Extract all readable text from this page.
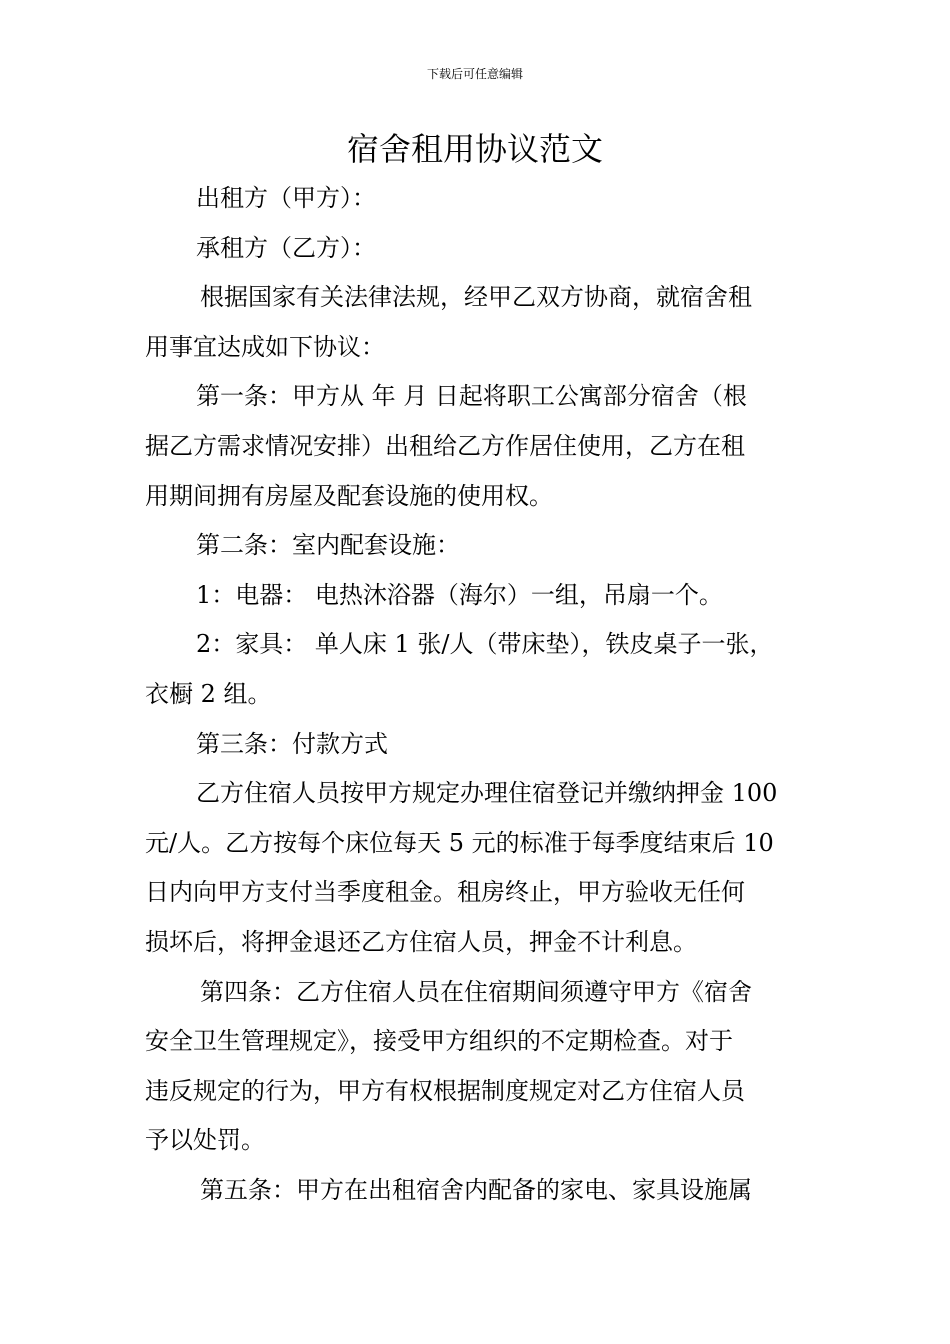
下载后可任意编辑
宿舍租用协议范文
出租方（甲方）：
承租方（乙方）：
根据国家有关法律法规，经甲乙双方协商，就宿舍租
用事宜达成如下协议：
第一条：甲方从 年 月 日起将职工公寓部分宿舍（根
据乙方需求情况安排）出租给乙方作居住使用，乙方在租
用期间拥有房屋及配套设施的使用权。
第二条：室内配套设施：
1：电器： 电热沐浴器（海尔）一组，吊扇一个。
2：家具： 单人床 1 张/人（带床垫），铁皮桌子一张，
衣橱 2 组。
第三条：付款方式
乙方住宿人员按甲方规定办理住宿登记并缴纳押金 100
元/人。乙方按每个床位每天 5 元的标准于每季度结束后 10
日内向甲方支付当季度租金。租房终止，甲方验收无任何
损坏后，将押金退还乙方住宿人员，押金不计利息。
第四条：乙方住宿人员在住宿期间须遵守甲方《宿舍
安全卫生管理规定》，接受甲方组织的不定期检查。对于
违反规定的行为，甲方有权根据制度规定对乙方住宿人员
予以处罚。
第五条：甲方在出租宿舍内配备的家电、家具设施属
